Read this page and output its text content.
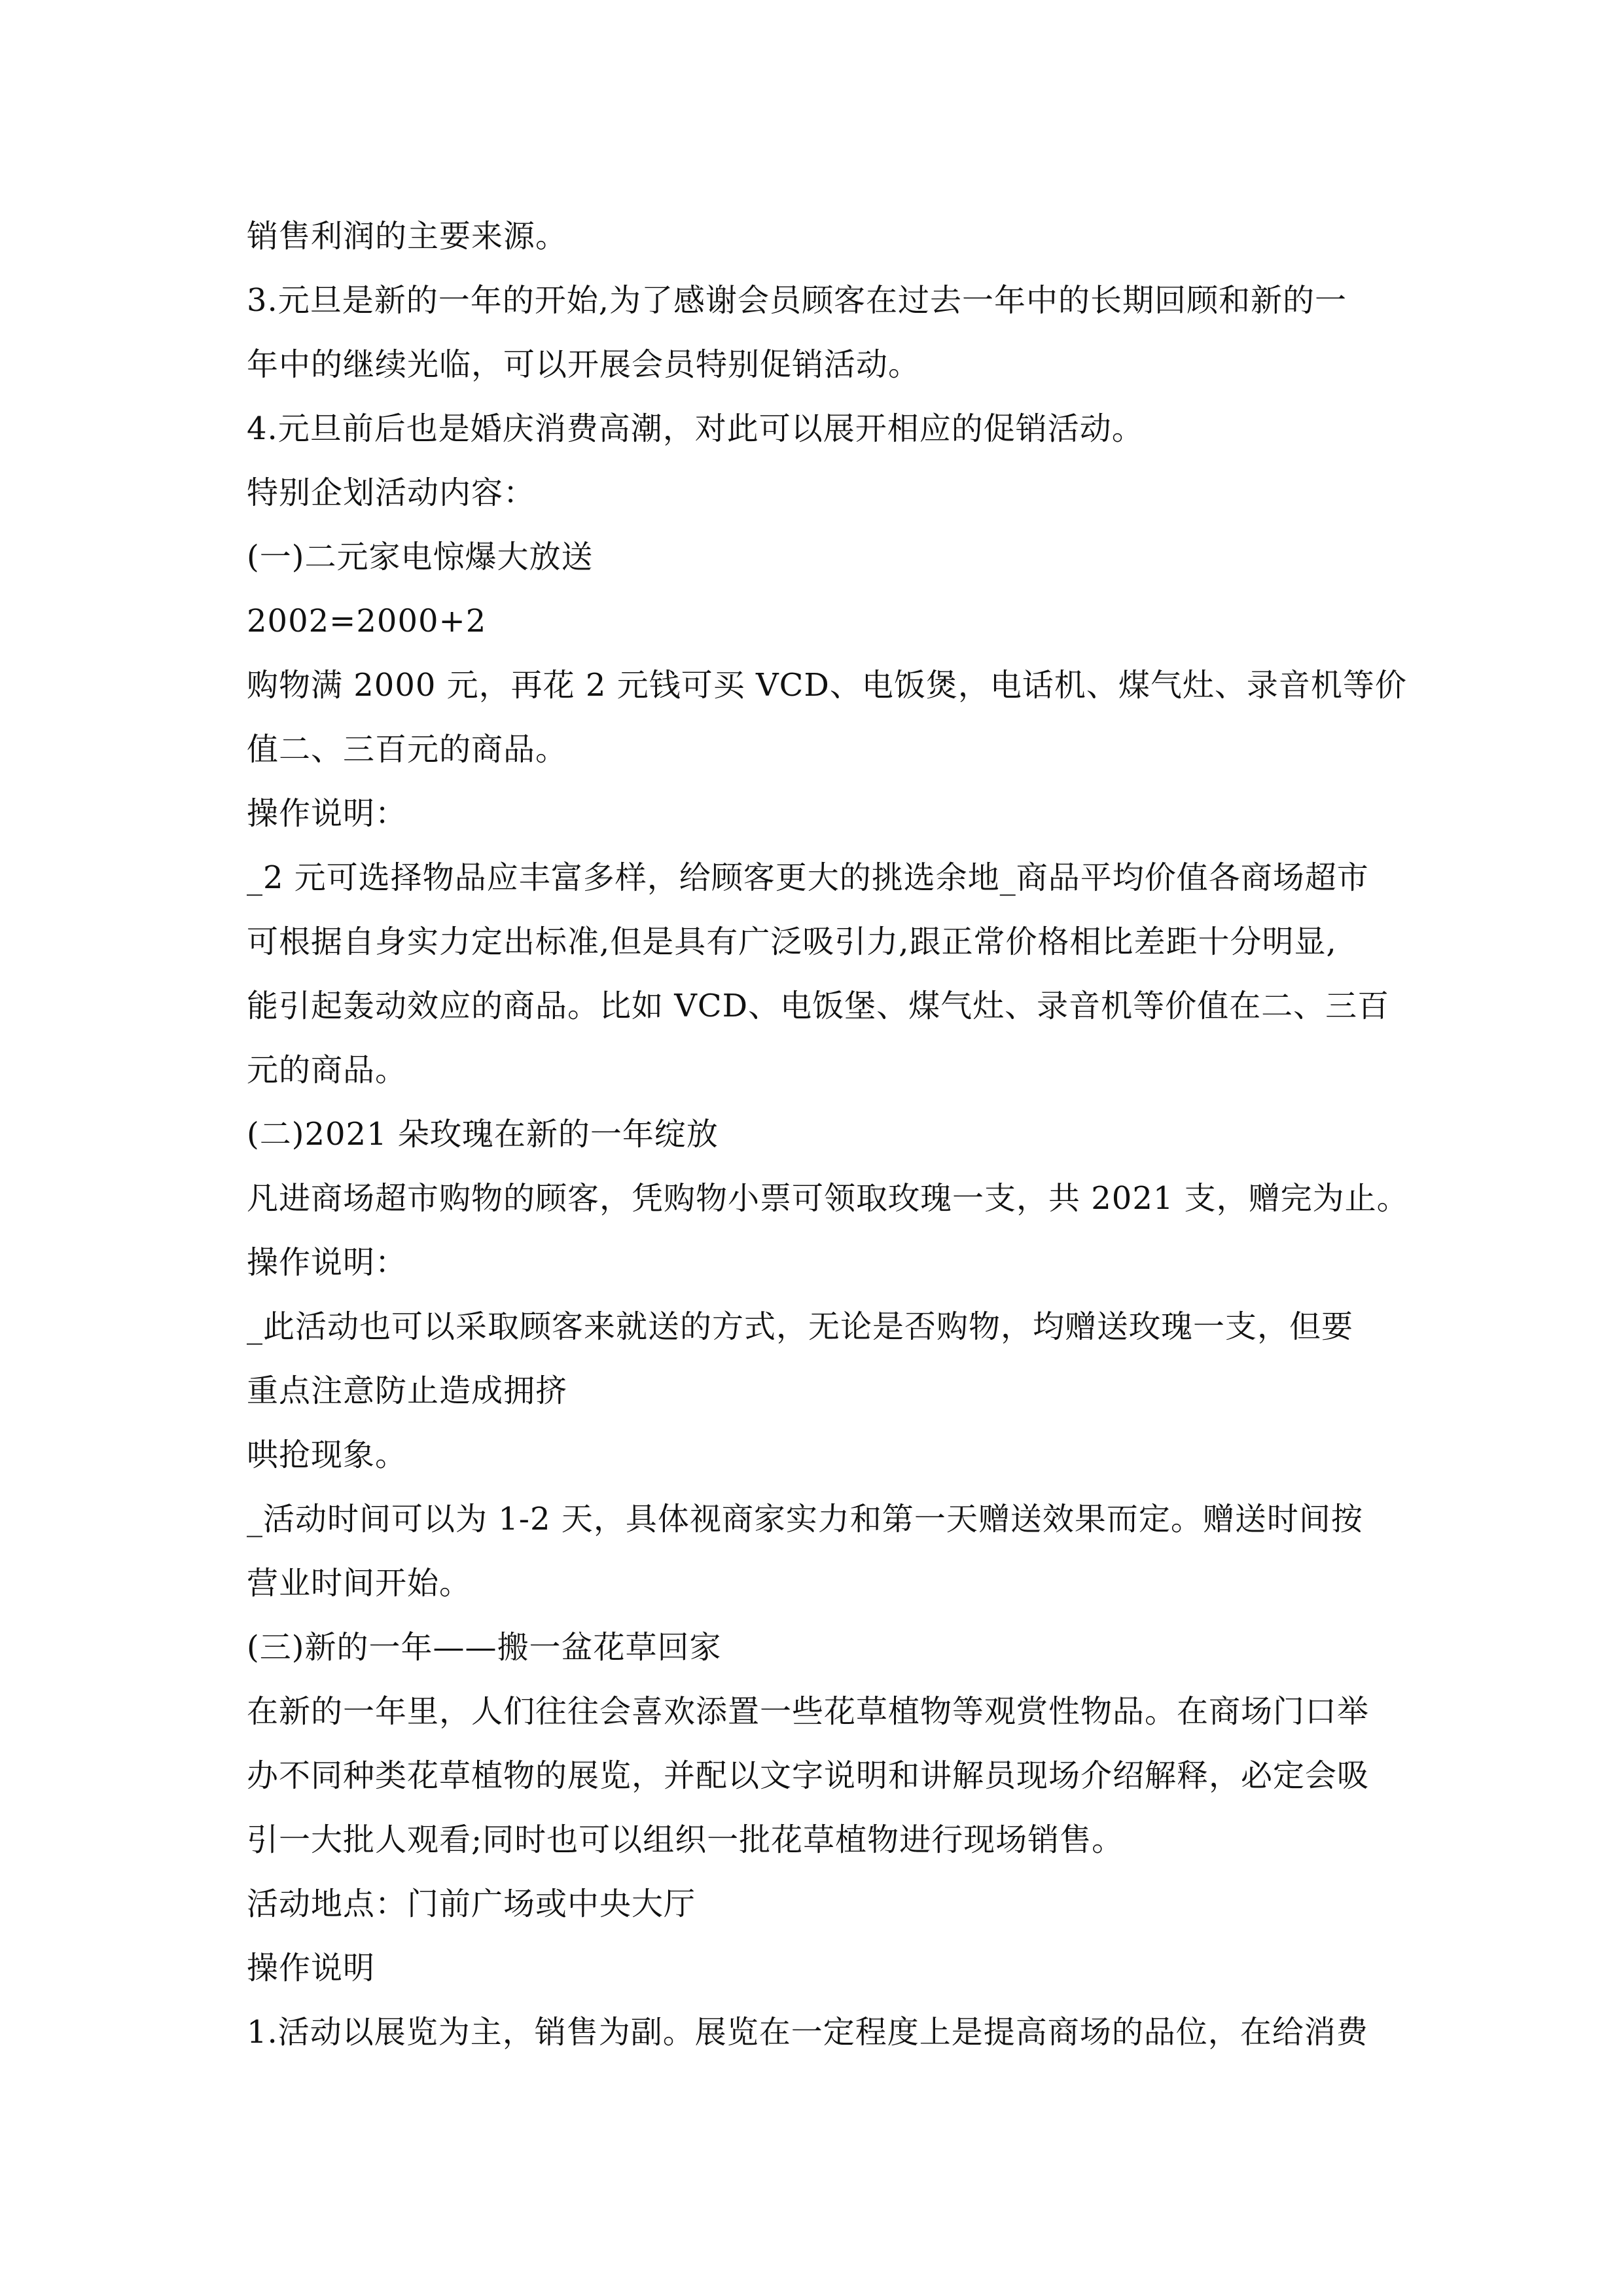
销售利润的主要来源。
3.元旦是新的一年的开始,为了感谢会员顾客在过去一年中的长期回顾和新的一
年中的继续光临，可以开展会员特别促销活动。
4.元旦前后也是婚庆消费高潮，对此可以展开相应的促销活动。
特别企划活动内容：
(一)二元家电惊爆大放送
2002=2000+2
购物满 2000 元，再花 2 元钱可买 VCD、电饭煲，电话机、煤气灶、录音机等价
值二、三百元的商品。
操作说明：
_2 元可选择物品应丰富多样，给顾客更大的挑选余地_商品平均价值各商场超市
可根据自身实力定出标准,但是具有广泛吸引力,跟正常价格相比差距十分明显,
能引起轰动效应的商品。比如 VCD、电饭堡、煤气灶、录音机等价值在二、三百
元的商品。
(二)2021 朵玫瑰在新的一年绽放
凡进商场超市购物的顾客，凭购物小票可领取玫瑰一支，共 2021 支，赠完为止。
操作说明：
_此活动也可以采取顾客来就送的方式，无论是否购物，均赠送玫瑰一支，但要
重点注意防止造成拥挤
哄抢现象。
_活动时间可以为 1-2 天，具体视商家实力和第一天赠送效果而定。赠送时间按
营业时间开始。
(三)新的一年——搬一盆花草回家
在新的一年里，人们往往会喜欢添置一些花草植物等观赏性物品。在商场门口举
办不同种类花草植物的展览，并配以文字说明和讲解员现场介绍解释，必定会吸
引一大批人观看;同时也可以组织一批花草植物进行现场销售。
活动地点：门前广场或中央大厅
操作说明
1.活动以展览为主，销售为副。展览在一定程度上是提高商场的品位，在给消费
